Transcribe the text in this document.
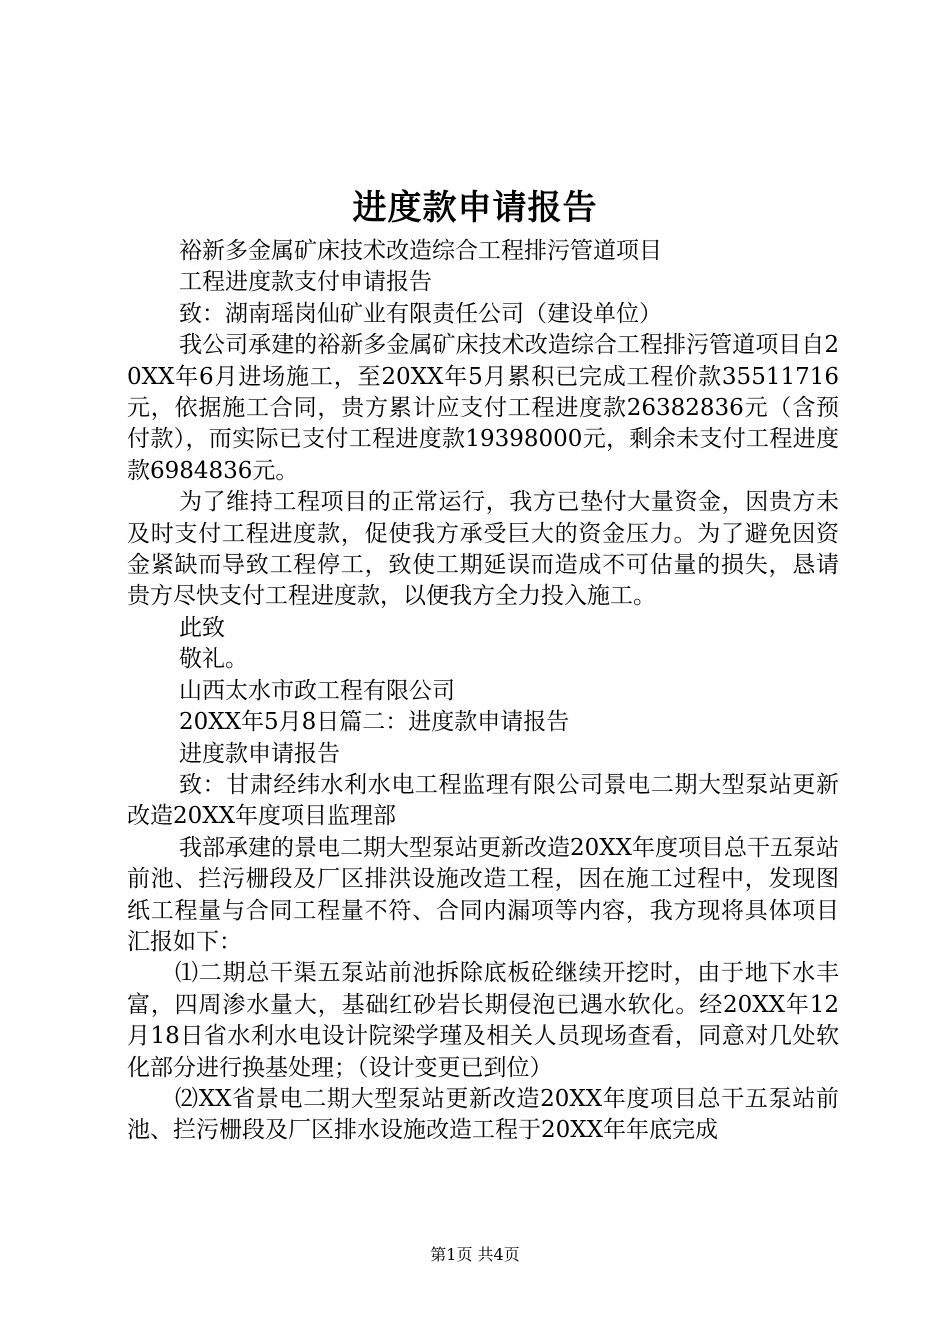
进度款申请报告

裕新多金属矿床技术改造综合工程排污管道项目

工程进度款支付申请报告

致：湖南瑶岗仙矿业有限责任公司（建设单位）

我公司承建的裕新多金属矿床技术改造综合工程排污管道项目自20XX年6月进场施工，至20XX年5月累积已完成工程价款35511716元，依据施工合同，贵方累计应支付工程进度款26382836元（含预付款），而实际已支付工程进度款19398000元，剩余未支付工程进度款6984836元。

为了维持工程项目的正常运行，我方已垫付大量资金，因贵方未及时支付工程进度款，促使我方承受巨大的资金压力。为了避免因资金紧缺而导致工程停工，致使工期延误而造成不可估量的损失，恳请贵方尽快支付工程进度款，以便我方全力投入施工。

此致

敬礼。

山西太水市政工程有限公司

20XX年5月8日篇二：进度款申请报告

进度款申请报告

致：甘肃经纬水利水电工程监理有限公司景电二期大型泵站更新改造20XX年度项目监理部

我部承建的景电二期大型泵站更新改造20XX年度项目总干五泵站前池、拦污栅段及厂区排洪设施改造工程，因在施工过程中，发现图纸工程量与合同工程量不符、合同内漏项等内容，我方现将具体项目汇报如下：

⑴二期总干渠五泵站前池拆除底板砼继续开挖时，由于地下水丰富，四周渗水量大，基础红砂岩长期侵泡已遇水软化。经20XX年12月18日省水利水电设计院梁学瑾及相关人员现场查看，同意对几处软化部分进行换基处理；（设计变更已到位）

⑵XX省景电二期大型泵站更新改造20XX年度项目总干五泵站前池、拦污栅段及厂区排水设施改造工程于20XX年年底完成

第1页 共4页
